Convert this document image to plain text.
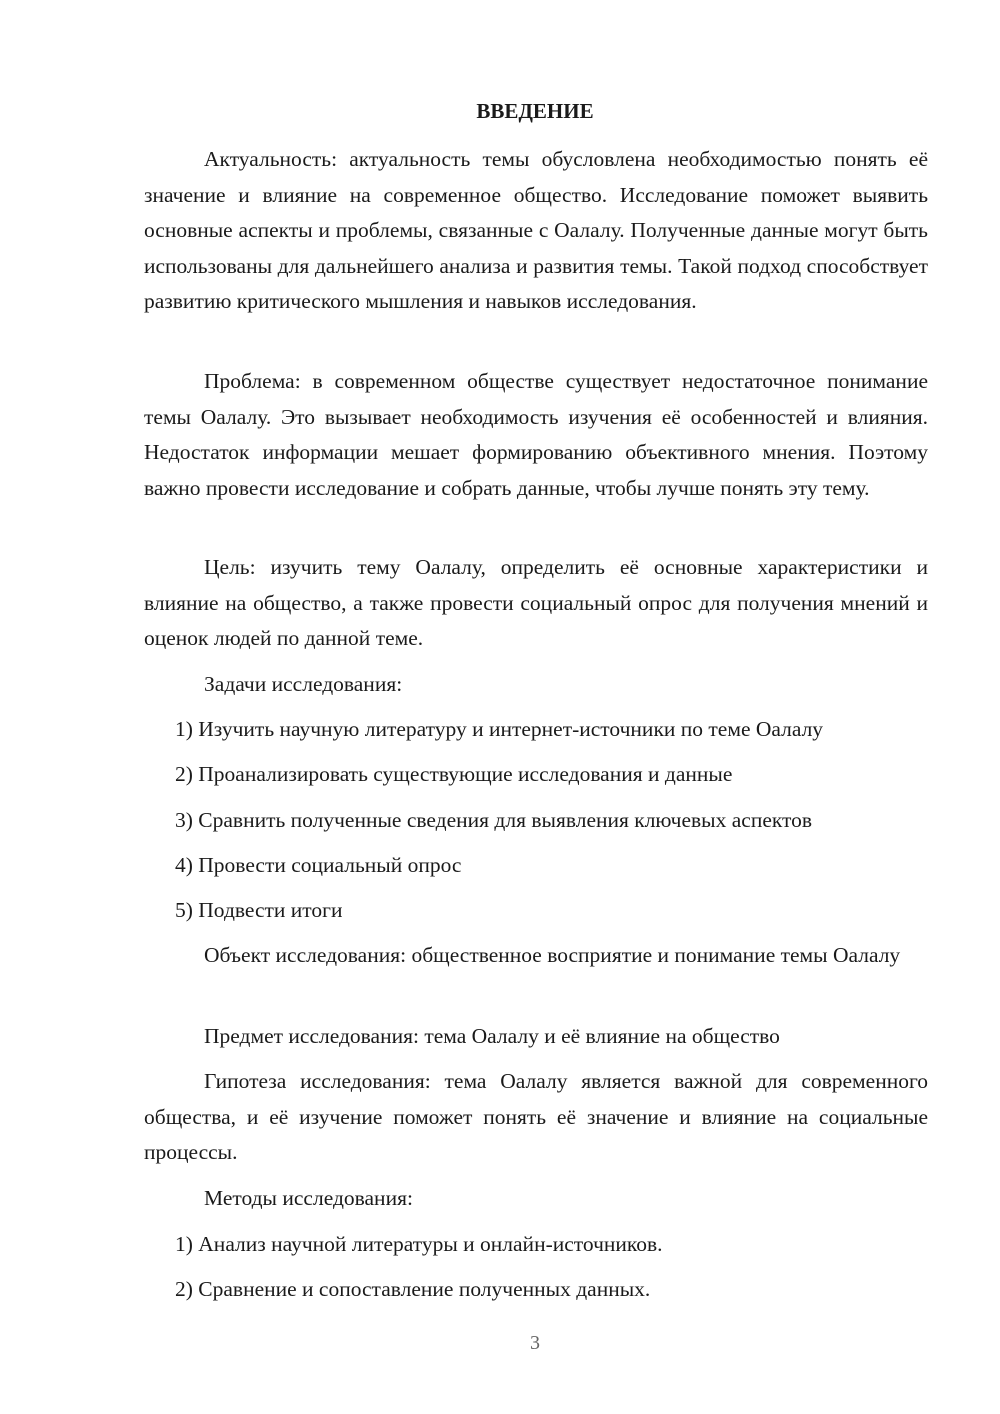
ВВЕДЕНИЕ
Актуальность: актуальность темы обусловлена необходимостью понять её значение и влияние на современное общество. Исследование поможет выявить основные аспекты и проблемы, связанные с Оалалу. Полученные данные могут быть использованы для дальнейшего анализа и развития темы. Такой подход способствует развитию критического мышления и навыков исследования.
Проблема: в современном обществе существует недостаточное понимание темы Оалалу. Это вызывает необходимость изучения её особенностей и влияния. Недостаток информации мешает формированию объективного мнения. Поэтому важно провести исследование и собрать данные, чтобы лучше понять эту тему.
Цель: изучить тему Оалалу, определить её основные характеристики и влияние на общество, а также провести социальный опрос для получения мнений и оценок людей по данной теме.
Задачи исследования:
1) Изучить научную литературу и интернет-источники по теме Оалалу
2) Проанализировать существующие исследования и данные
3) Сравнить полученные сведения для выявления ключевых аспектов
4) Провести социальный опрос
5) Подвести итоги
Объект исследования: общественное восприятие и понимание темы Оалалу
Предмет исследования: тема Оалалу и её влияние на общество
Гипотеза исследования: тема Оалалу является важной для современного общества, и её изучение поможет понять её значение и влияние на социальные процессы.
Методы исследования:
1) Анализ научной литературы и онлайн-источников.
2) Сравнение и сопоставление полученных данных.
3
